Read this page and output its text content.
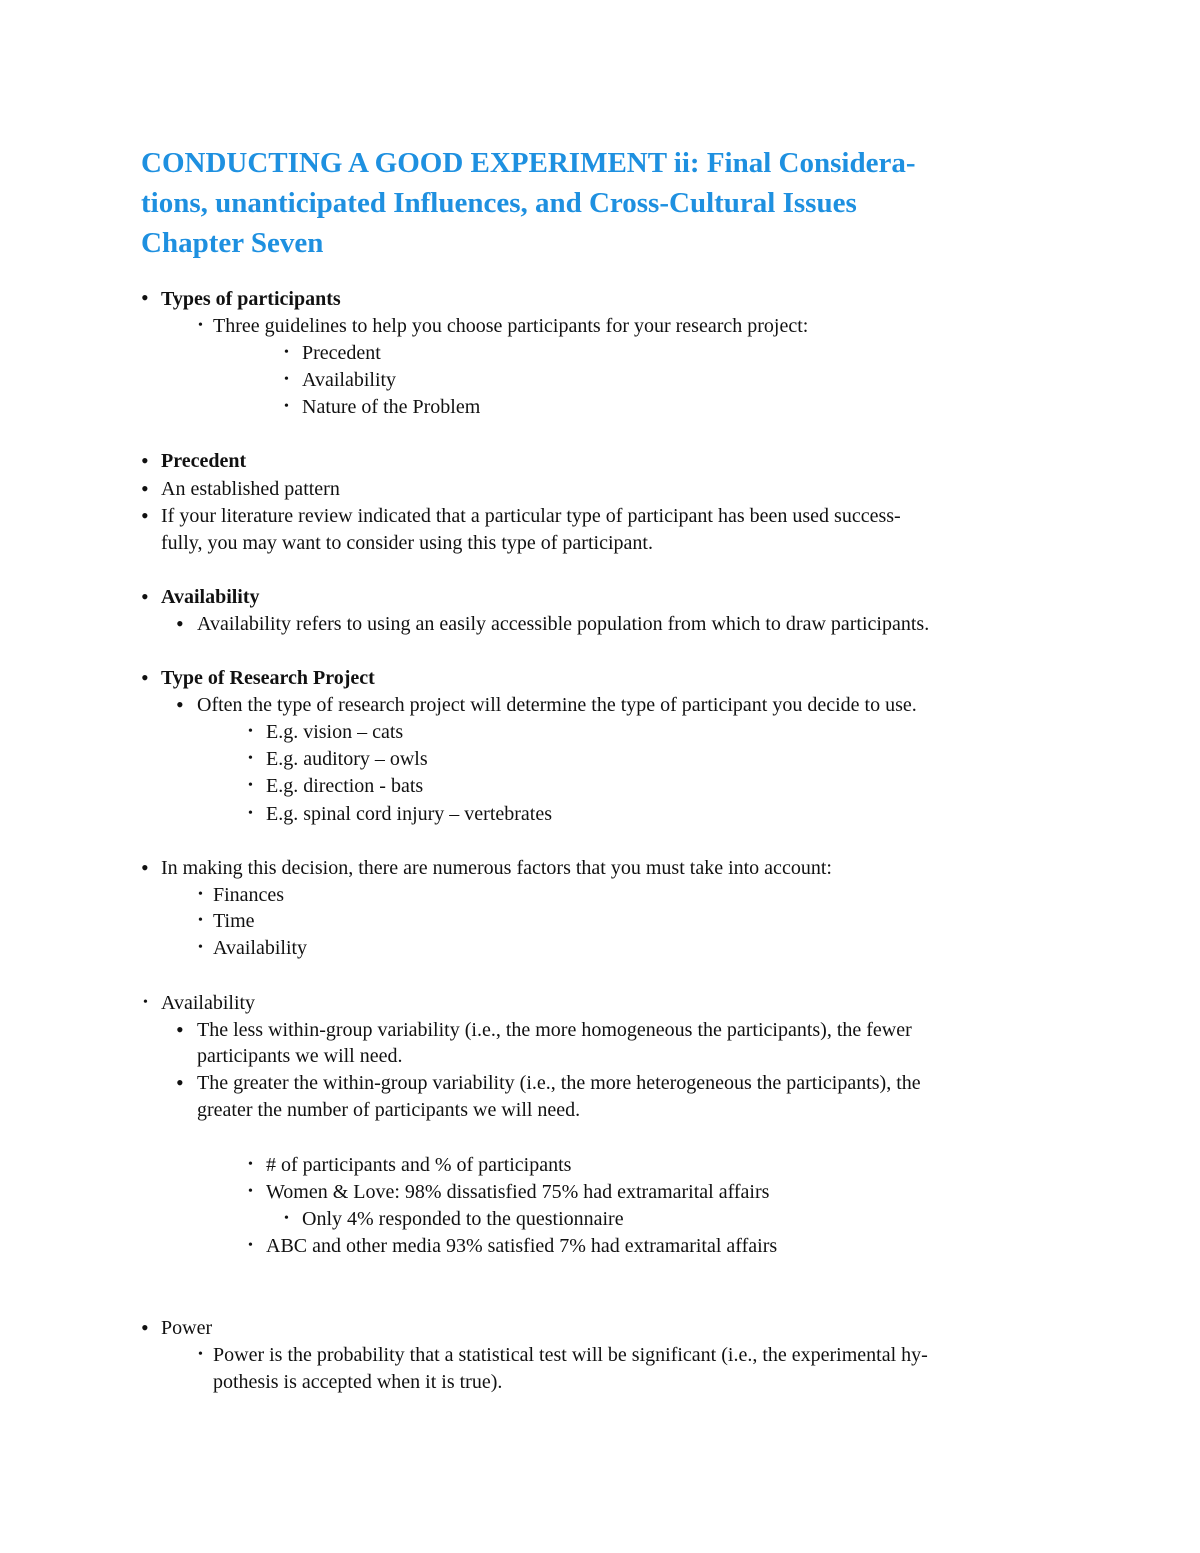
CONDUCTING A GOOD EXPERIMENT ii: Final Considera-
tions, unanticipated Influences, and Cross-Cultural Issues
Chapter Seven
• Types of participants
• Three guidelines to help you choose participants for your research project:
• Precedent
• Availability
• Nature of the Problem
• Precedent
• An established pattern
• If your literature review indicated that a particular type of participant has been used success-
fully, you may want to consider using this type of participant.
• Availability
• Availability refers to using an easily accessible population from which to draw participants.
• Type of Research Project
• Often the type of research project will determine the type of participant you decide to use.
• E.g. vision – cats
• E.g. auditory – owls
• E.g. direction - bats
• E.g. spinal cord injury – vertebrates
• In making this decision, there are numerous factors that you must take into account:
• Finances
• Time
• Availability
• Availability
• The less within-group variability (i.e., the more homogeneous the participants), the fewer
participants we will need.
• The greater the within-group variability (i.e., the more heterogeneous the participants), the
greater the number of participants we will need.
• # of participants and % of participants
• Women & Love: 98% dissatisfied 75% had extramarital affairs
• Only 4% responded to the questionnaire
• ABC and other media 93% satisfied 7% had extramarital affairs
• Power
• Power is the probability that a statistical test will be significant (i.e., the experimental hy-
pothesis is accepted when it is true).
